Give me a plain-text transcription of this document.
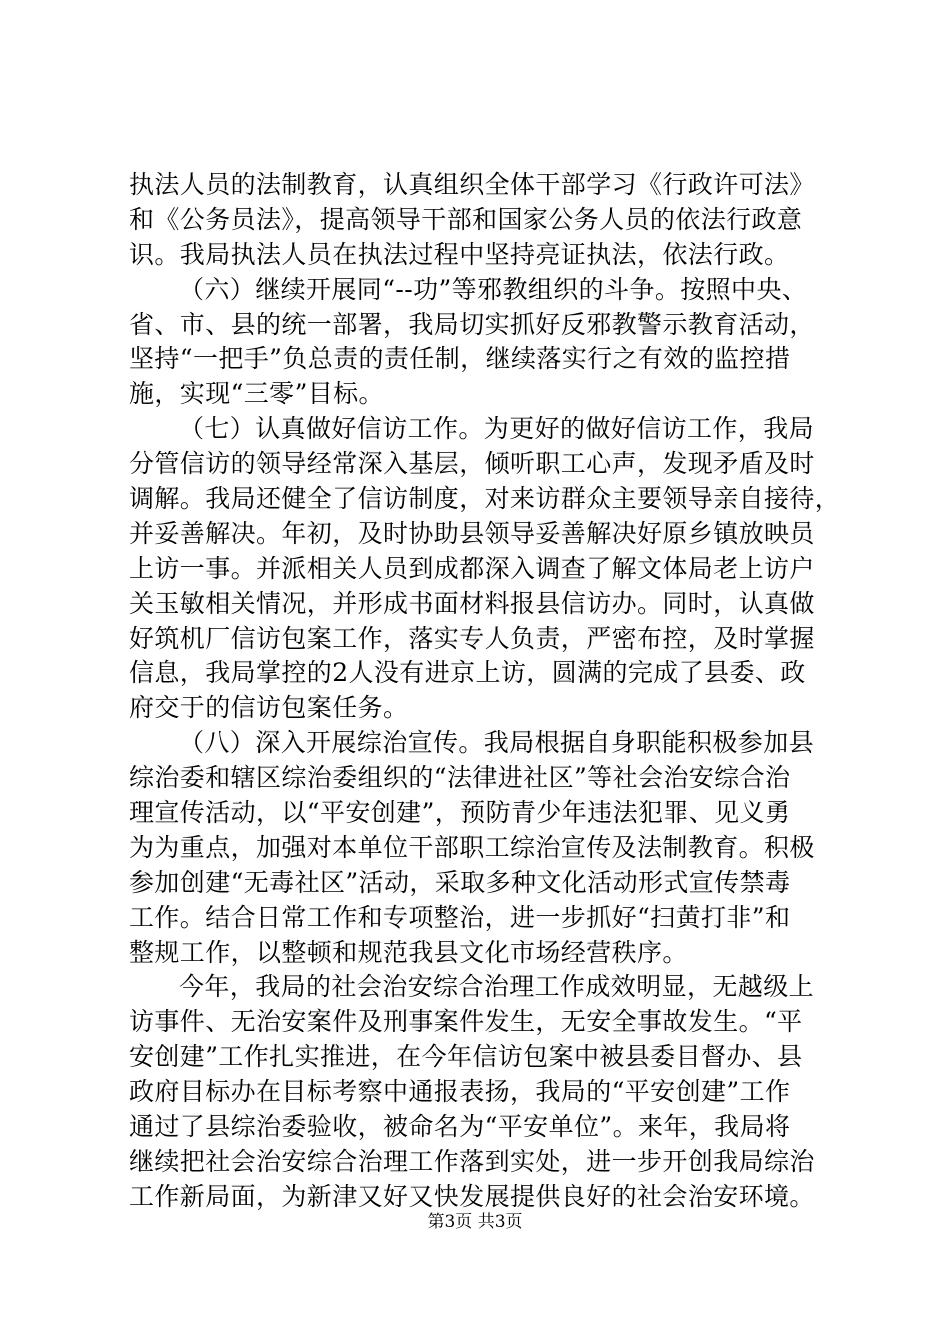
执法人员的法制教育，认真组织全体干部学习《行政许可法》
和《公务员法》，提高领导干部和国家公务人员的依法行政意
识。我局执法人员在执法过程中坚持亮证执法，依法行政。
（六）继续开展同“--功”等邪教组织的斗争。按照中央、
省、市、县的统一部署，我局切实抓好反邪教警示教育活动，
坚持“一把手”负总责的责任制，继续落实行之有效的监控措
施，实现“三零”目标。
（七）认真做好信访工作。为更好的做好信访工作，我局
分管信访的领导经常深入基层，倾听职工心声，发现矛盾及时
调解。我局还健全了信访制度，对来访群众主要领导亲自接待，
并妥善解决。年初，及时协助县领导妥善解决好原乡镇放映员
上访一事。并派相关人员到成都深入调查了解文体局老上访户
关玉敏相关情况，并形成书面材料报县信访办。同时，认真做
好筑机厂信访包案工作，落实专人负责，严密布控，及时掌握
信息，我局掌控的2人没有进京上访，圆满的完成了县委、政
府交于的信访包案任务。
（八）深入开展综治宣传。我局根据自身职能积极参加县
综治委和辖区综治委组织的“法律进社区”等社会治安综合治
理宣传活动，以“平安创建”，预防青少年违法犯罪、见义勇
为为重点，加强对本单位干部职工综治宣传及法制教育。积极
参加创建“无毒社区”活动，采取多种文化活动形式宣传禁毒
工作。结合日常工作和专项整治，进一步抓好“扫黄打非”和
整规工作，以整顿和规范我县文化市场经营秩序。
今年，我局的社会治安综合治理工作成效明显，无越级上
访事件、无治安案件及刑事案件发生，无安全事故发生。“平
安创建”工作扎实推进，在今年信访包案中被县委目督办、县
政府目标办在目标考察中通报表扬，我局的“平安创建”工作
通过了县综治委验收，被命名为“平安单位”。来年，我局将
继续把社会治安综合治理工作落到实处，进一步开创我局综治
工作新局面，为新津又好又快发展提供良好的社会治安环境。
第3页 共3页
